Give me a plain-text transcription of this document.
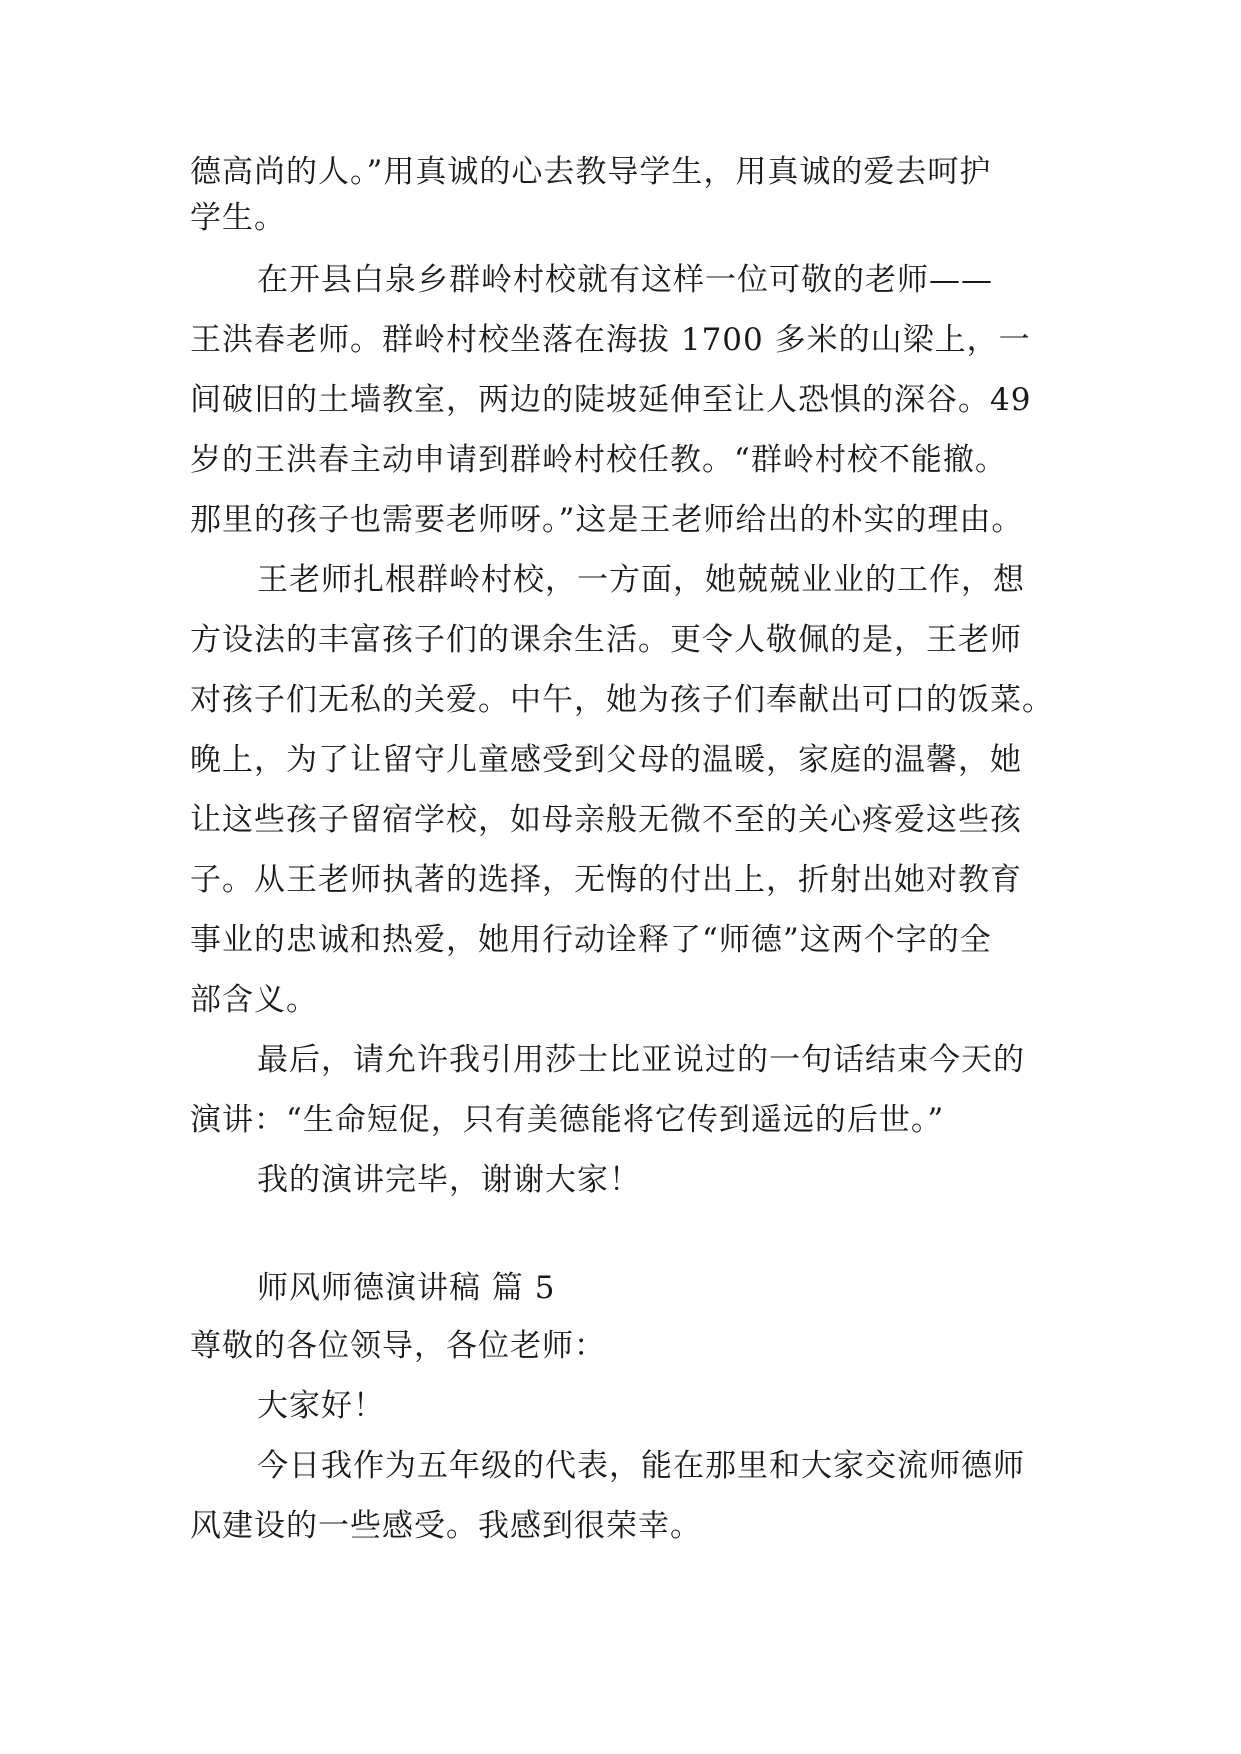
德高尚的人。”用真诚的心去教导学生，用真诚的爱去呵护
学生。
在开县白泉乡群岭村校就有这样一位可敬的老师——
王洪春老师。群岭村校坐落在海拔 1700 多米的山梁上，一
间破旧的土墙教室，两边的陡坡延伸至让人恐惧的深谷。49
岁的王洪春主动申请到群岭村校任教。“群岭村校不能撤。
那里的孩子也需要老师呀。”这是王老师给出的朴实的理由。
王老师扎根群岭村校，一方面，她兢兢业业的工作，想
方设法的丰富孩子们的课余生活。更令人敬佩的是，王老师
对孩子们无私的关爱。中午，她为孩子们奉献出可口的饭菜。
晚上，为了让留守儿童感受到父母的温暖，家庭的温馨，她
让这些孩子留宿学校，如母亲般无微不至的关心疼爱这些孩
子。从王老师执著的选择，无悔的付出上，折射出她对教育
事业的忠诚和热爱，她用行动诠释了“师德”这两个字的全
部含义。
最后，请允许我引用莎士比亚说过的一句话结束今天的
演讲：“生命短促，只有美德能将它传到遥远的后世。”
我的演讲完毕，谢谢大家！
师风师德演讲稿 篇 5
尊敬的各位领导，各位老师：
大家好！
今日我作为五年级的代表，能在那里和大家交流师德师
风建设的一些感受。我感到很荣幸。
